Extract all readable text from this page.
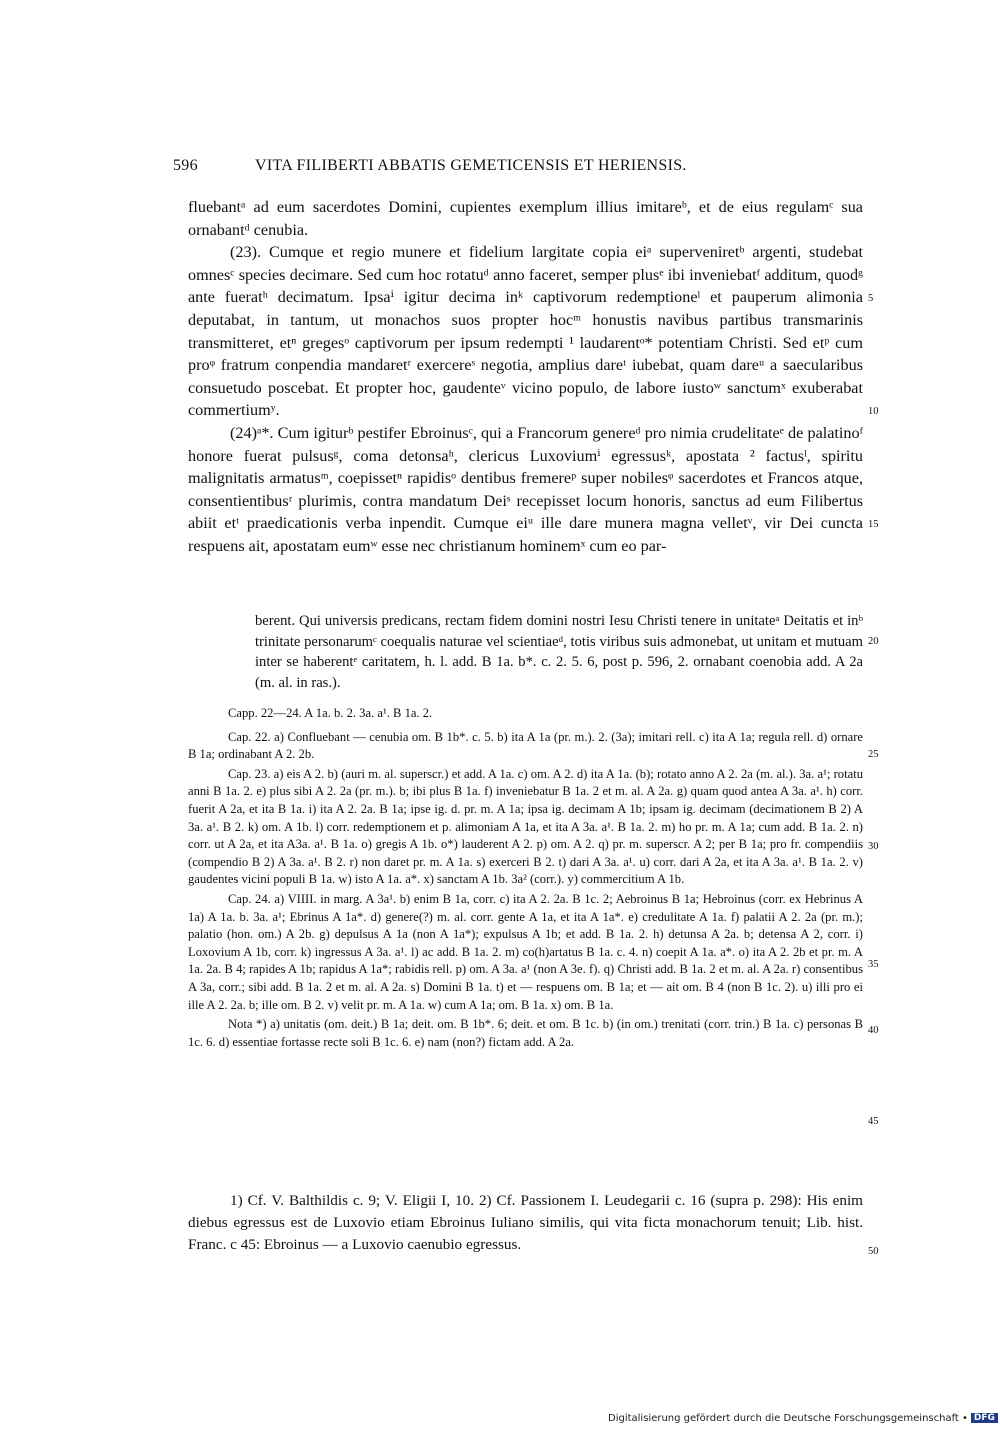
596	VITA FILIBERTI ABBATIS GEMETICENSIS ET HERIENSIS.

fluebantᵃ ad eum sacerdotes Domini, cupientes exemplum illius imitareᵇ, et de eius regulamᶜ sua ornabantᵈ cenubia.

(23). Cumque et regio munere et fidelium largitate copia eiᵃ superveniretᵇ argenti, studebat omnesᶜ species decimare. Sed cum hoc rotatuᵈ anno faceret, semper plusᵉ ibi inveniebatᶠ additum, quodᵍ ante fueratʰ decimatum. Ipsaⁱ igitur decima inᵏ captivorum redemptioneˡ et pauperum alimonia deputabat, in tantum, ut monachos suos propter hocᵐ honustis navibus partibus transmarinis transmitteret, etⁿ gregesᵒ captivorum per ipsum redempti ¹ laudarentᵒ* potentiam Christi. Sed etᵖ cum proᵠ fratrum conpendia mandaretʳ exercereˢ negotia, amplius dareᵗ iubebat, quam dareᵘ a saecularibus consuetudo poscebat. Et propter hoc, gaudenteᵛ vicino populo, de labore iustoʷ sanctumˣ exuberabat commertiumʸ.

(24)ᵃ*. Cum igiturᵇ pestifer Ebroinusᶜ, qui a Francorum genereᵈ pro nimia crudelitateᵉ de palatinoᶠ honore fuerat pulsusᵍ, coma detonsaʰ, clericus Luxoviumⁱ egressusᵏ, apostata ² factusˡ, spiritu malignitatis armatusᵐ, coepissetⁿ rapidisᵒ dentibus fremereᵖ super nobilesᵠ sacerdotes et Francos atque, consentientibusʳ plurimis, contra mandatum Deiˢ recepisset locum honoris, sanctus ad eum Filibertus abiit etᵗ praedicationis verba inpendit. Cumque eiᵘ ille dare munera magna velletᵛ, vir Dei cuncta respuens ait, apostatam eumʷ esse nec christianum hominemˣ cum eo par-

berent. Qui universis predicans, rectam fidem domini nostri Iesu Christi tenere in unitateᵃ Deitatis et inᵇ trinitate personarumᶜ coequalis naturae vel scientiaeᵈ, totis viribus suis admonebat, ut unitam et mutuam inter se haberentᵉ caritatem, h. l. add. B 1a. b*. c. 2. 5. 6, post p. 596, 2. ornabant coenobia add. A 2a (m. al. in ras.).

Capp. 22—24. A 1a. b. 2. 3a. a¹. B 1a. 2.

Cap. 22. a) Confluebant — cenubia om. B 1b*. c. 5. b) ita A 1a (pr. m.). 2. (3a); imitari rell. c) ita A 1a; regula rell. d) ornare B 1a; ordinabant A 2. 2b.

Cap. 23. a) eis A 2. b) (auri m. al. superscr.) et add. A 1a. c) om. A 2. d) ita A 1a. (b); rotato anno A 2. 2a (m. al.). 3a. a¹; rotatu anni B 1a. 2. e) plus sibi A 2. 2a (pr. m.). b; ibi plus B 1a. f) inveniebatur B 1a. 2 et m. al. A 2a. g) quam quod antea A 3a. a¹. h) corr. fuerit A 2a, et ita B 1a. i) ita A 2. 2a. B 1a; ipse ig. d. pr. m. A 1a; ipsa ig. decimam A 1b; ipsam ig. decimam (decimationem B 2) A 3a. a¹. B 2. k) om. A 1b. l) corr. redemptionem et p. alimoniam A 1a, et ita A 3a. a¹. B 1a. 2. m) ho pr. m. A 1a; cum add. B 1a. 2. n) corr. ut A 2a, et ita A3a. a¹. B 1a. o) gregis A 1b. o*) lauderent A 2. p) om. A 2. q) pr. m. superscr. A 2; per B 1a; pro fr. compendiis (compendio B 2) A 3a. a¹. B 2. r) non daret pr. m. A 1a. s) exerceri B 2. t) dari A 3a. a¹. u) corr. dari A 2a, et ita A 3a. a¹. B 1a. 2. v) gaudentes vicini populi B 1a. w) isto A 1a. a*. x) sanctam A 1b. 3a² (corr.). y) commercitium A 1b.

Cap. 24. a) VIIII. in marg. A 3a¹. b) enim B 1a, corr. c) ita A 2. 2a. B 1c. 2; Aebroinus B 1a; Hebroinus (corr. ex Hebrinus A 1a) A 1a. b. 3a. a¹; Ebrinus A 1a*. d) genere(?) m. al. corr. gente A 1a, et ita A 1a*. e) credulitate A 1a. f) palatii A 2. 2a (pr. m.); palatio (hon. om.) A 2b. g) depulsus A 1a (non A 1a*); expulsus A 1b; et add. B 1a. 2. h) detunsa A 2a. b; detensa A 2, corr. i) Loxovium A 1b, corr. k) ingressus A 3a. a¹. l) ac add. B 1a. 2. m) co(h)artatus B 1a. c. 4. n) coepit A 1a. a*. o) ita A 2. 2b et pr. m. A 1a. 2a. B 4; rapides A 1b; rapidus A 1a*; rabidis rell. p) om. A 3a. a¹ (non A 3e. f). q) Christi add. B 1a. 2 et m. al. A 2a. r) consentibus A 3a, corr.; sibi add. B 1a. 2 et m. al. A 2a. s) Domini B 1a. t) et — respuens om. B 1a; et — ait om. B 4 (non B 1c. 2). u) illi pro ei ille A 2. 2a. b; ille om. B 2. v) velit pr. m. A 1a. w) cum A 1a; om. B 1a. x) om. B 1a.

Nota *) a) unitatis (om. deit.) B 1a; deit. om. B 1b*. 6; deit. et om. B 1c. b) (in om.) trenitati (corr. trin.) B 1a. c) personas B 1c. 6. d) essentiae fortasse recte soli B 1c. 6. e) nam (non?) fictam add. A 2a.

1) Cf. V. Balthildis c. 9; V. Eligii I, 10. 2) Cf. Passionem I. Leudegarii c. 16 (supra p. 298): His enim diebus egressus est de Luxovio etiam Ebroinus Iuliano similis, qui vita ficta monachorum tenuit; Lib. hist. Franc. c 45: Ebroinus — a Luxovio caenubio egressus.

5
10
15
20
25
30
35
40
45
50
Digitalisierung gefördert durch die Deutsche Forschungsgemeinschaft • DFG
